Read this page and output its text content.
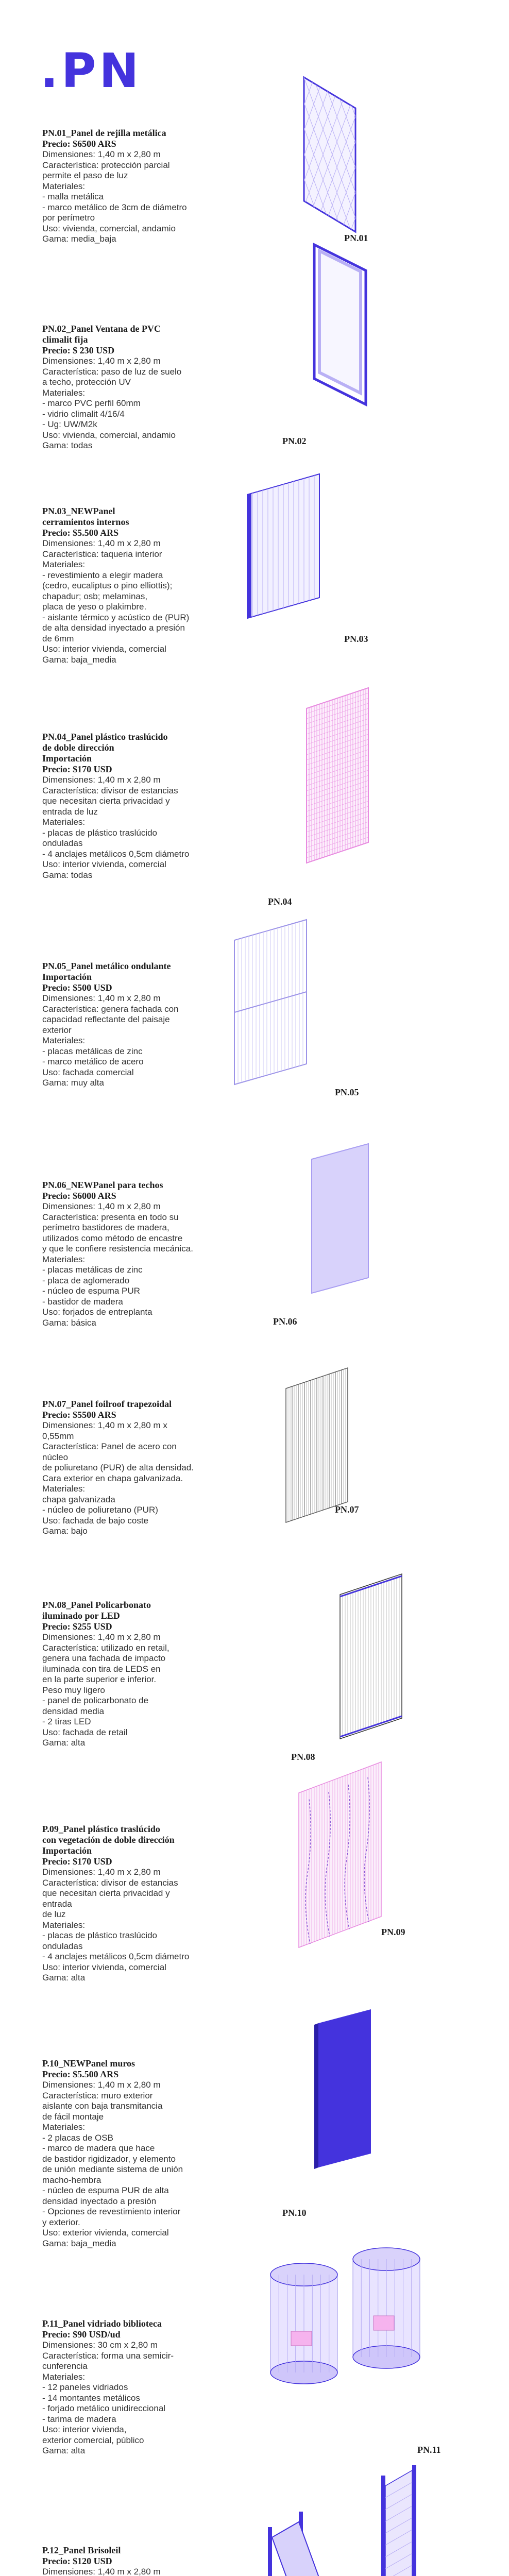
.PN
PN.01_Panel de rejilla metálica
Precio: $6500 ARS
Dimensiones: 1,40 m x 2,80 m
Característica: protección parcial
permite el paso de luz
Materiales:
- malla metálica
- marco metálico de 3cm de diámetro
por perímetro
Uso: vivienda, comercial, andamio
Gama: media_baja	PN.01
PN.02_Panel Ventana de PVC
climalit fija
Precio: $ 230 USD
Dimensiones: 1,40 m x 2,80 m
Característica: paso de luz de suelo
a techo, protección UV
Materiales:
- marco PVC perfil 60mm
- vidrio climalit 4/16/4
- Ug: UW/M2k
Uso: vivienda, comercial, andamio
Gama: todas	PN.02
PN.03_NEWPanel
cerramientos internos
Precio: $5.500 ARS
Dimensiones: 1,40 m x 2,80 m
Característica: taqueria interior
Materiales:
- revestimiento a elegir madera
(cedro, eucaliptus o pino elliottis);
chapadur; osb; melaminas,
placa de yeso o plakimbre.
- aislante térmico y acústico de (PUR)
de alta densidad inyectado a presión
de 6mm
Uso: interior vivienda, comercial
Gama: baja_media
PN.03
PN.04_Panel plástico traslúcido
de doble dirección
Importación
Precio: $170 USD
Dimensiones: 1,40 m x 2,80 m
Característica: divisor de estancias
que necesitan cierta privacidad y
entrada de luz
Materiales:
- placas de plástico traslúcido onduladas
- 4 anclajes metálicos 0,5cm diámetro
Uso: interior vivienda, comercial
Gama: todas
PN.04
PN.05_Panel metálico ondulante
Importación
Precio: $500 USD
Dimensiones: 1,40 m x 2,80 m
Característica: genera fachada con
capacidad reflectante del paisaje exterior
Materiales:
- placas metálicas de zinc
- marco metálico de acero
Uso: fachada comercial
Gama: muy alta
PN.05
PN.06_NEWPanel para techos
Precio: $6000 ARS
Dimensiones: 1,40 m x 2,80 m
Característica: presenta en todo su
perímetro bastidores de madera,
utilizados como método de encastre
y que le confiere resistencia mecánica.
Materiales:
- placas metálicas de zinc
- placa de aglomerado
- núcleo de espuma PUR
- bastidor de madera
Uso: forjados de entreplanta
Gama: básica	PN.06
PN.07_Panel foilroof trapezoidal
Precio: $5500 ARS
Dimensiones: 1,40 m x 2,80 m x 0,55mm
Característica: Panel de acero con núcleo
de poliuretano (PUR) de alta densidad.
Cara exterior en chapa galvanizada.
Materiales:
chapa galvanizada
- núcleo de poliuretano (PUR)
Uso: fachada de bajo coste
Gama: bajo
PN.07
PN.08_Panel Policarbonato
iluminado por LED
Precio: $255 USD
Dimensiones: 1,40 m x 2,80 m
Característica: utilizado en retail,
genera una fachada de impacto
iluminada con tira de LEDS en
en la parte superior e inferior.
Peso muy ligero
- panel de policarbonato de
densidad media
- 2 tiras LED
Uso: fachada de retail
Gama: alta
PN.08
P.09_Panel plástico traslúcido
con vegetación de doble dirección
Importación
Precio: $170 USD
Dimensiones: 1,40 m x 2,80 m
Característica: divisor de estancias
que necesitan cierta privacidad y entrada
de luz
Materiales:
- placas de plástico traslúcido onduladas
- 4 anclajes metálicos 0,5cm diámetro
Uso: interior vivienda, comercial
Gama: alta
PN.09
P.10_NEWPanel muros
Precio: $5.500 ARS
Dimensiones: 1,40 m x 2,80 m
Característica: muro exterior
aislante con baja transmitancia
de fácil montaje
Materiales:
- 2 placas de OSB
- marco de madera que hace
de bastidor rigidizador, y elemento
de unión mediante sistema de unión
macho-hembra
- núcleo de espuma PUR de alta
densidad inyectado a presión
- Opciones de revestimiento interior
y exterior.
Uso: exterior vivienda, comercial
Gama: baja_media
PN.10
P.11_Panel vidriado biblioteca
Precio: $90 USD/ud
Dimensiones: 30 cm x 2,80 m
Característica: forma una semicir-
cunferencia
Materiales:
- 12 paneles vidriados
- 14 montantes metálicos
- forjado metálico unidireccional
- tarima de madera
Uso: interior vivienda,
exterior comercial, público
Gama: alta	PN.11
P.12_Panel Brisoleil
Precio: $120 USD
Dimensiones: 1,40 m x 2,80 m
